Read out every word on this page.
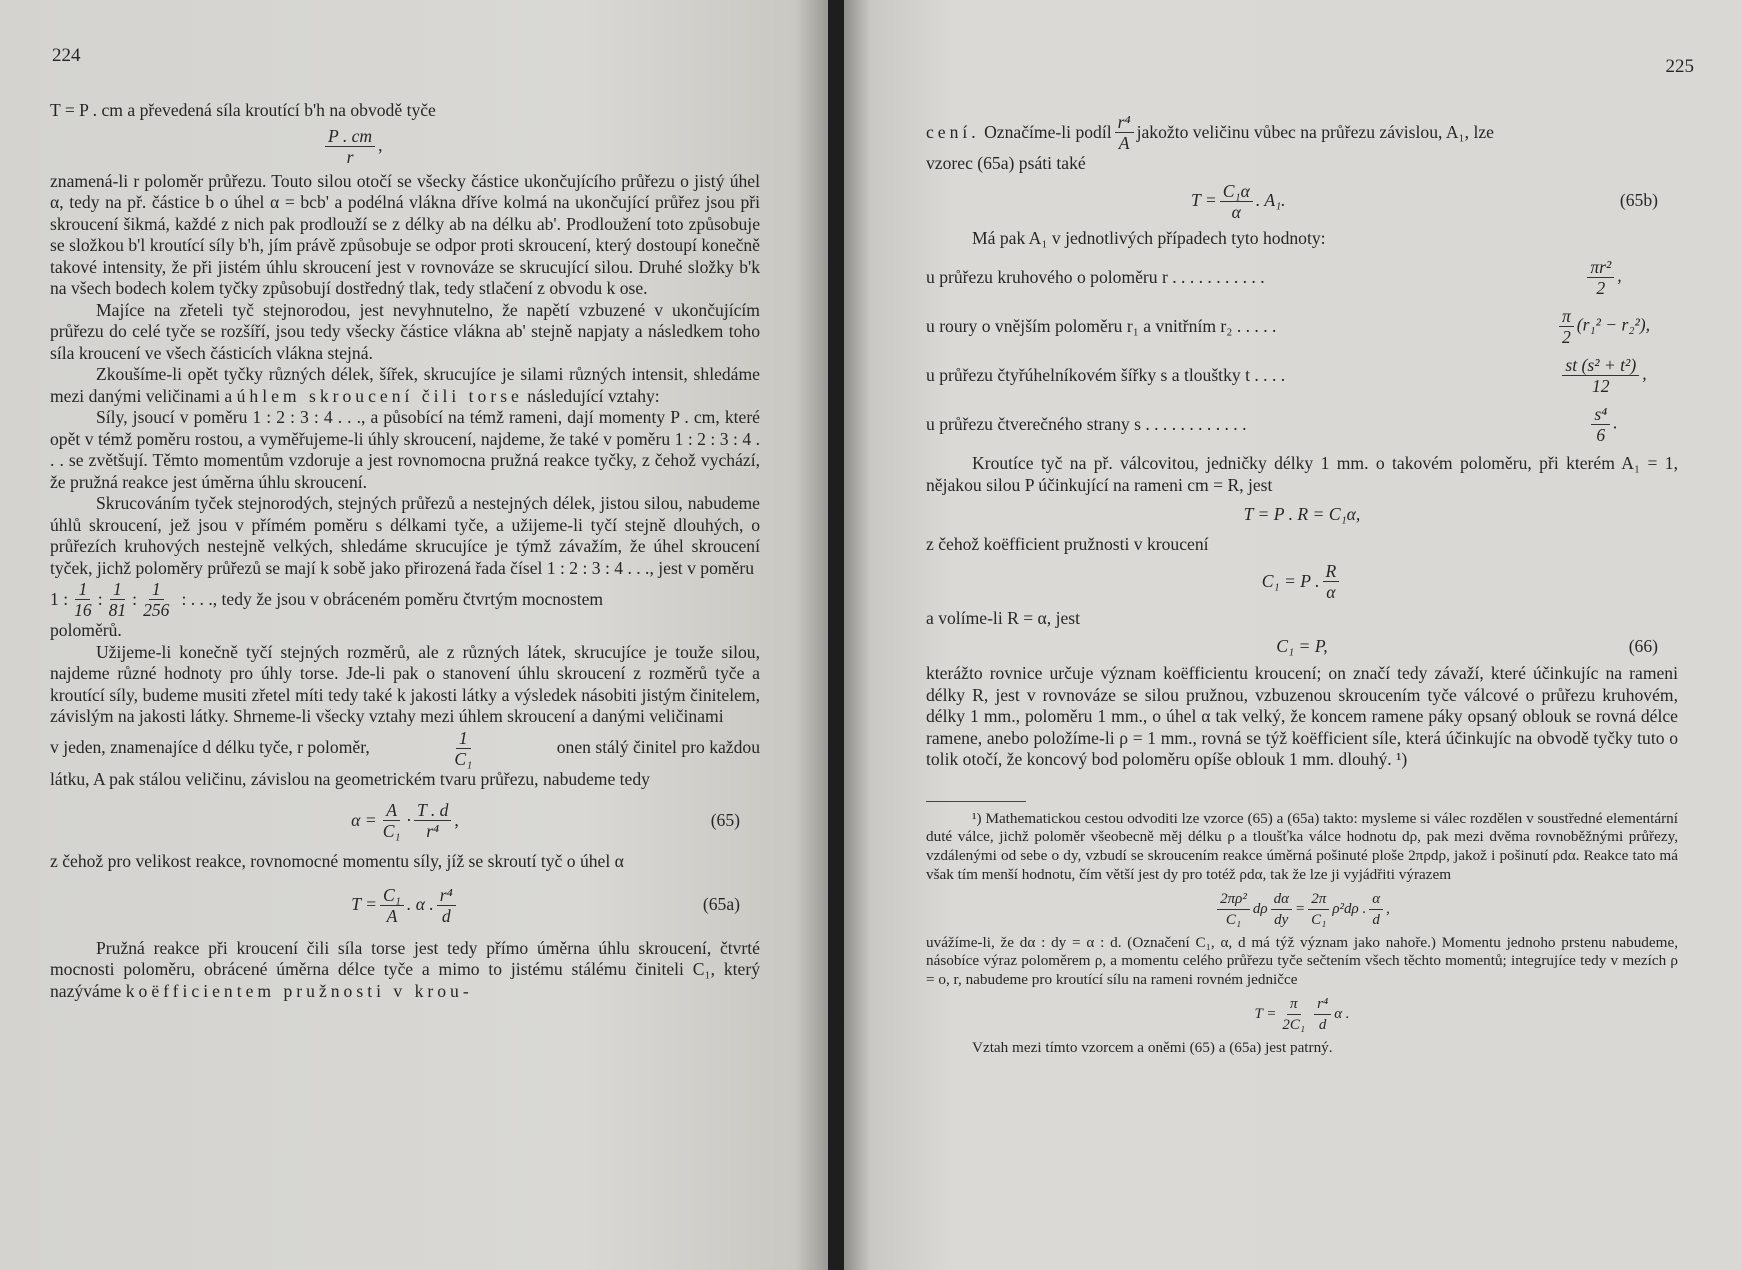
224

T = P . cm a převedená síla kroutící b'h na obvodě tyče

$\frac{P . cm}{r}$ ,

znamená-li r poloměr průřezu. Touto silou otočí se všecky částice ukončujícího průřezu o jistý úhel α, tedy na př. částice b o úhel α = bcb' a podélná vlákna dříve kolmá na ukončující průřez jsou při skroucení šikmá, každé z nich pak prodlouží se z délky ab na délku ab'. Prodloužení toto způsobuje se složkou b'l kroutící síly b'h, jím právě způsobuje se odpor proti skroucení, který dostoupí konečně takové intensity, že při jistém úhlu skroucení jest v rovnováze se skrucující silou. Druhé složky b'k na všech bodech kolem tyčky způsobují dostředný tlak, tedy stlačení z obvodu k ose.

Majíce na zřeteli tyč stejnorodou, jest nevyhnutelno, že napětí vzbuzené v ukončujícím průřezu do celé tyče se rozšíří, jsou tedy všecky částice vlákna ab' stejně napjaty a následkem toho síla kroucení ve všech částicích vlákna stejná.

Zkoušíme-li opět tyčky různých délek, šířek, skrucujíce je silami různých intensit, shledáme mezi danými veličinami a úhlem skroucení čili torse následující vztahy:

Síly, jsoucí v poměru 1 : 2 : 3 : 4 . . ., a působící na témž rameni, dají momenty P . cm, které opět v témž poměru rostou, a vyměřujeme-li úhly skroucení, najdeme, že také v poměru 1 : 2 : 3 : 4 . . . se zvětšují. Těmto momentům vzdoruje a jest rovnomocna pružná reakce tyčky, z čehož vychází, že pružná reakce jest úměrna úhlu skroucení.

Skrucováním tyček stejnorodých, stejných průřezů a nestejných délek, jistou silou, nabudeme úhlů skroucení, jež jsou v přímém poměru s délkami tyče, a užijeme-li tyčí stejně dlouhých, o průřezích kruhových nestejně velkých, shledáme skrucujíce je týmž závažím, že úhel skroucení tyček, jichž poloměry průřezů se mají k sobě jako přirozená řada čísel 1 : 2 : 3 : 4 . . ., jest v poměru

1 : $\frac{1}{16}$ : $\frac{1}{81}$ : $\frac{1}{256}$ : . . ., tedy že jsou v obráceném poměru čtvrtým mocnostem

poloměrů.

Užijeme-li konečně tyčí stejných rozměrů, ale z různých látek, skrucujíce je touže silou, najdeme různé hodnoty pro úhly torse. Jde-li pak o stanovení úhlu skroucení z rozměrů tyče a kroutící síly, budeme musiti zřetel míti tedy také k jakosti látky a výsledek násobiti jistým činitelem, závislým na jakosti látky. Shrneme-li všecky vztahy mezi úhlem skroucení a danými veličinami

v jeden, znamenajíce d délku tyče, r poloměr,	$\frac{1}{\text{C₁}}$	onen stálý činitel pro každou

látku, A pak stálou veličinu, závislou na geometrickém tvaru průřezu, nabudeme tedy

$\alpha = \frac{A}{\text{C₁}} \cdot \frac{T . d}{\text{r⁴}}$ ,	(65)

z čehož pro velikost reakce, rovnomocné momentu síly, jíž se skroutí tyč o úhel α

$T = \frac{\text{C₁}}{A}$ . α . $\frac{\text{r⁴}}{d}$	(65a)

Pružná reakce při kroucení čili síla torse jest tedy přímo úměrna úhlu skroucení, čtvrté mocnosti poloměru, obrácené úměrna délce tyče a mimo to jistému stálému činiteli C₁, který nazýváme koëfficientem pružnosti v krou-

225

cení. Označíme-li podíl $\frac{\text{r⁴}}{A}$ jakožto veličinu vůbec na průřezu závislou, A₁, lze

vzorec (65a) psáti také

$T = \frac{\text{C₁α}}{\alpha}$ . A₁.	(65b)

Má pak A₁ v jednotlivých případech tyto hodnoty:

u průřezu kruhového o poloměru r . . . . . . . . . . .	$\frac{\text{πr²}}{2}$ ,
u roury o vnějším poloměru r₁ a vnitřním r₂ . . . . .	$\frac{\pi}{2} (r_1^2 - r_2^2)$,
u průřezu čtyřúhelníkovém šířky s a tlouštky t . . . .	$\frac{\text{st (s² + t²)}}{12}$ ,
u průřezu čtverečného strany s . . . . . . . . . . . .	$\frac{\text{s⁴}}{6}$ .

Kroutíce tyč na př. válcovitou, jedničky délky 1 mm. o takovém poloměru, při kterém A₁ = 1, nějakou silou P účinkující na rameni cm = R, jest

T = P . R = C₁α,

z čehož koëfficient pružnosti v kroucení

C₁ = P . $\frac{R}{\alpha}$

a volíme-li R = α, jest

C₁ = P,	(66)

kterážto rovnice určuje význam koëfficientu kroucení; on značí tedy závaží, které účinkujíc na rameni délky R, jest v rovnováze se silou pružnou, vzbuzenou skroucením tyče válcové o průřezu kruhovém, délky 1 mm., poloměru 1 mm., o úhel α tak velký, že koncem ramene páky opsaný oblouk se rovná délce ramene, anebo položíme-li ρ = 1 mm., rovná se týž koëfficient síle, která účinkujíc na obvodě tyčky tuto o tolik otočí, že koncový bod poloměru opíše oblouk 1 mm. dlouhý. ¹)

¹) Mathematickou cestou odvoditi lze vzorce (65) a (65a) takto: mysleme si válec rozdělen v soustředné elementární duté válce, jichž poloměr všeobecně měj délku ρ a tloušťka válce hodnotu dρ, pak mezi dvěma rovnoběžnými průřezy, vzdálenými od sebe o dy, vzbudí se skroucením reakce úměrná pošinuté ploše 2πρdρ, jakož i pošinutí ρdα. Reakce tato má však tím menší hodnotu, čím větší jest dy pro totéž ρdα, tak že lze ji vyjádřiti výrazem

$\frac{\text{2πρ²}}{\text{C₁}}$ dρ $\frac{d\alpha}{dy} = \frac{2\pi}{\text{C₁}} \rho^2d\rho$ . $\frac{\alpha}{d}$ ,

uvážíme-li, že dα : dy = α : d. (Označení C₁, α, d má týž význam jako nahoře.) Momentu jednoho prstenu nabudeme, násobíce výraz poloměrem ρ, a momentu celého průřezu tyče sečtením všech těchto momentů; integrujíce tedy v mezích ρ = o, r, nabudeme pro kroutící sílu na rameni rovném jedničce

$T = \frac{\pi}{\text{2C₁}} \frac{\text{r⁴}}{d}$ α .

Vztah mezi tímto vzorcem a oněmi (65) a (65a) jest patrný.
